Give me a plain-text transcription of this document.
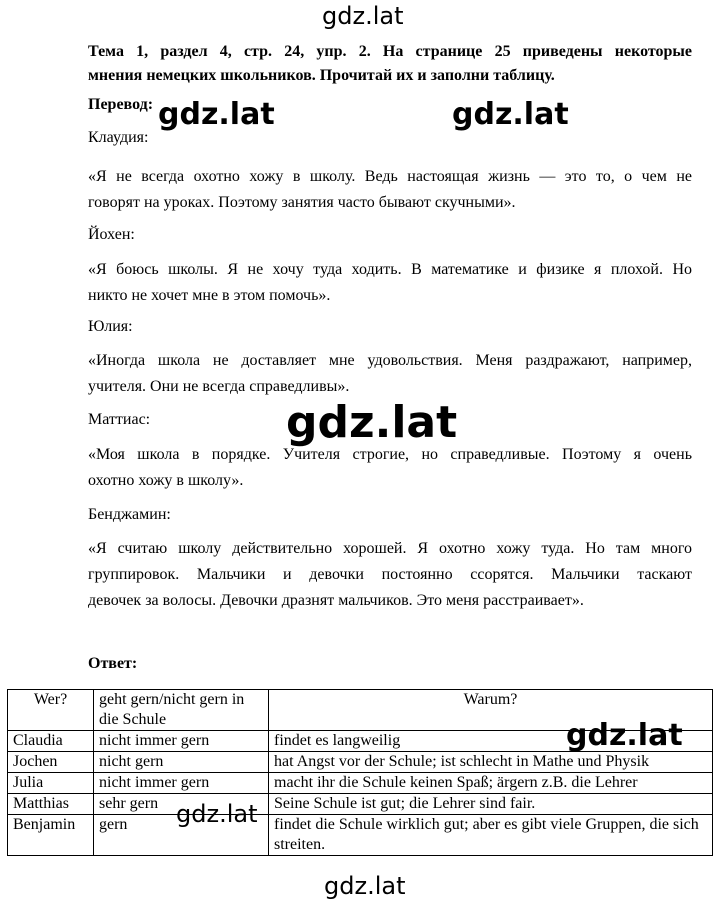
Тема 1, раздел 4, стр. 24, упр. 2. На странице 25 приведены некоторые
мнения немецких школьников. Прочитай их и заполни таблицу.
Перевод:
Клаудия:
«Я не всегда охотно хожу в школу. Ведь настоящая жизнь — это то, о чем не
говорят на уроках. Поэтому занятия часто бывают скучными».
Йохен:
«Я боюсь школы. Я не хочу туда ходить. В математике и физике я плохой. Но
никто не хочет мне в этом помочь».
Юлия:
«Иногда школа не доставляет мне удовольствия. Меня раздражают, например,
учителя. Они не всегда справедливы».
Маттиас:
«Моя школа в порядке. Учителя строгие, но справедливые. Поэтому я очень
охотно хожу в школу».
Бенджамин:
«Я считаю школу действительно хорошей. Я охотно хожу туда. Но там много
группировок. Мальчики и девочки постоянно ссорятся. Мальчики таскают
девочек за волосы. Девочки дразнят мальчиков. Это меня расстраивает».
Ответ:
Wer?	geht gern/nicht gern in die Schule	Warum?
Claudia	nicht immer gern	findet es langweilig
Jochen	nicht gern	hat Angst vor der Schule; ist schlecht in Mathe und Physik
Julia	nicht immer gern	macht ihr die Schule keinen Spaß; ärgern z.B. die Lehrer
Matthias	sehr gern	Seine Schule ist gut; die Lehrer sind fair.
Benjamin	gern	findet die Schule wirklich gut; aber es gibt viele Gruppen, die sich streiten.
gdz.lat
gdz.lat	gdz.lat
gdz.lat
gdz.lat
gdz.lat
gdz.lat
